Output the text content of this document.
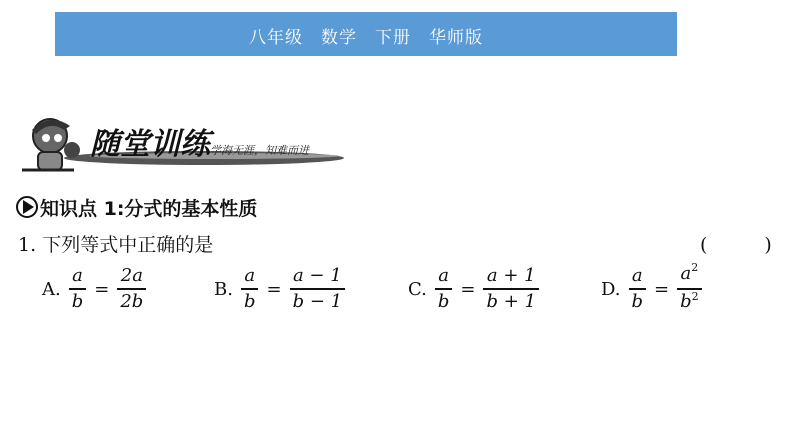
八年级　数学　下册　华师版
随堂训练 学海无涯，知难而进
知识点 1:分式的基本性质
1. 下列等式中正确的是	(　　　)
A. $\frac{a}{b} = \frac{2a}{2b}$	B. $\frac{a}{b} = \frac{a - 1}{b - 1}$	C. $\frac{a}{b} = \frac{a + 1}{b + 1}$	D. $\frac{a}{b} = \frac{a^2}{b^2}$
